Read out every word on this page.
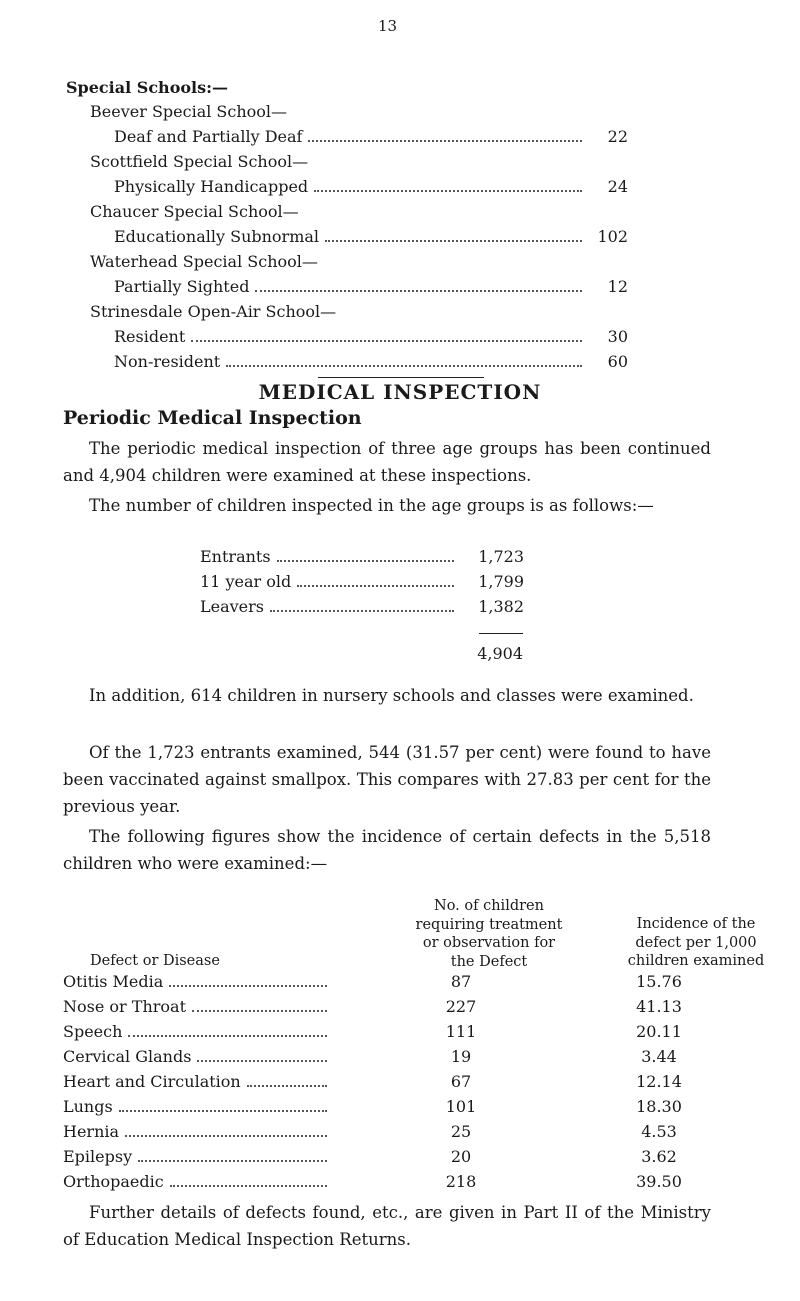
13
Special Schools:—
Beever Special School—
Deaf and Partially Deaf	22
Scottfield Special School—
Physically Handicapped	24
Chaucer Special School—
Educationally Subnormal	102
Waterhead Special School—
Partially Sighted	12
Strinesdale Open-Air School—
Resident	30
Non-resident	60
MEDICAL INSPECTION
Periodic Medical Inspection
The periodic medical inspection of three age groups has been continued and 4,904 children were examined at these inspections.
The number of children inspected in the age groups is as follows:—
Entrants	1,723
11 year old	1,799
Leavers	1,382
4,904
In addition, 614 children in nursery schools and classes were examined.
Of the 1,723 entrants examined, 544 (31.57 per cent) were found to have been vaccinated against smallpox. This compares with 27.83 per cent for the previous year.
The following figures show the incidence of certain defects in the 5,518 children who were examined:—
No. of children
requiring treatment
or observation for
the Defect
Incidence of the
defect per 1,000
children examined
Defect or Disease
Otitis Media	87	15.76
Nose or Throat	227	41.13
Speech	111	20.11
Cervical Glands	19	3.44
Heart and Circulation	67	12.14
Lungs	101	18.30
Hernia	25	4.53
Epilepsy	20	3.62
Orthopaedic	218	39.50
Further details of defects found, etc., are given in Part II of the Ministry of Education Medical Inspection Returns.
